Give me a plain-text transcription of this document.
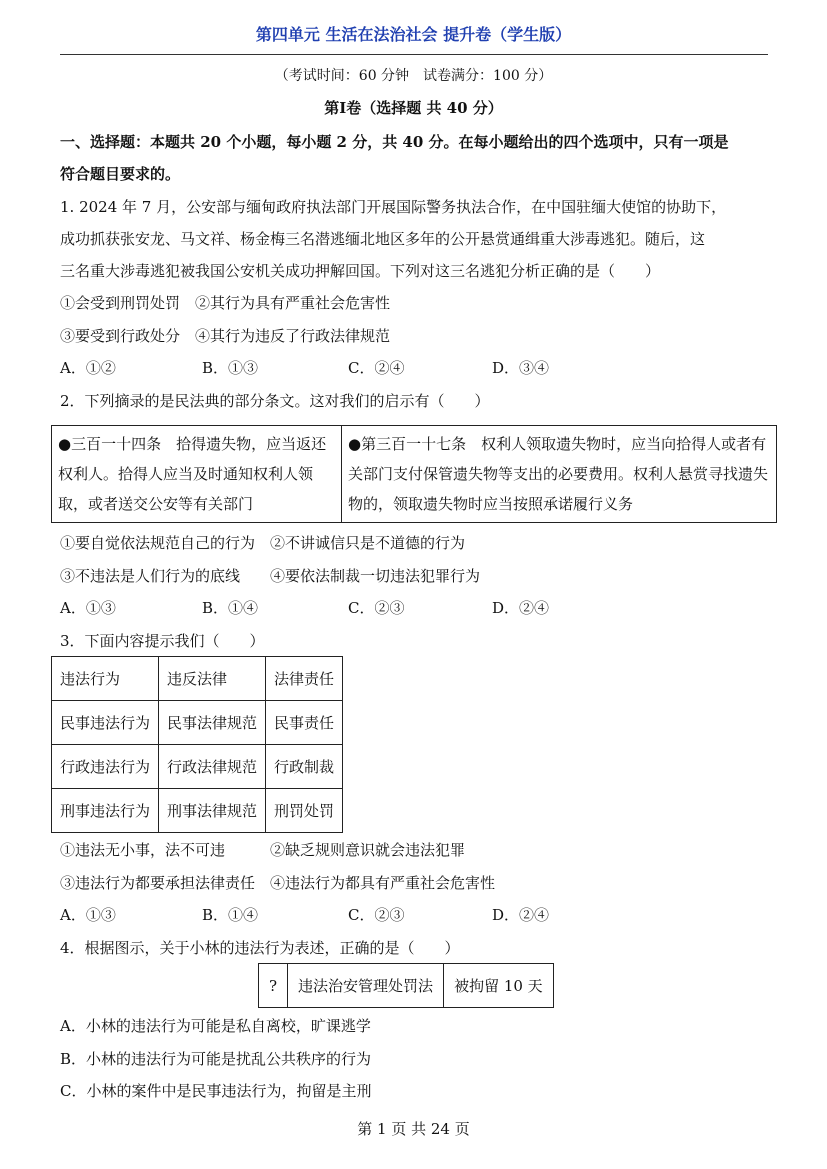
第四单元 生活在法治社会 提升卷（学生版）
（考试时间：60 分钟　试卷满分：100 分）
第Ⅰ卷（选择题 共 40 分）
一、选择题：本题共 20 个小题，每小题 2 分，共 40 分。在每小题给出的四个选项中，只有一项是
符合题目要求的。
1. 2024 年 7 月，公安部与缅甸政府执法部门开展国际警务执法合作，在中国驻缅大使馆的协助下，
成功抓获张安龙、马文祥、杨金梅三名潜逃缅北地区多年的公开悬赏通缉重大涉毒逃犯。随后，这
三名重大涉毒逃犯被我国公安机关成功押解回国。下列对这三名逃犯分析正确的是（　　）
①会受到刑罚处罚　②其行为具有严重社会危害性
③要受到行政处分　④其行为违反了行政法律规范
A．①②	B．①③	C．②④	D．③④
2．下列摘录的是民法典的部分条文。这对我们的启示有（　　）
●三百一十四条　拾得遗失物，应当返还权利人。拾得人应当及时通知权利人领取，或者送交公安等有关部门	●第三百一十七条　权利人领取遗失物时，应当向拾得人或者有关部门支付保管遗失物等支出的必要费用。权利人悬赏寻找遗失物的，领取遗失物时应当按照承诺履行义务
①要自觉依法规范自己的行为　②不讲诚信只是不道德的行为
③不违法是人们行为的底线　　④要依法制裁一切违法犯罪行为
A．①③	B．①④	C．②③	D．②④
3．下面内容提示我们（　　）
违法行为	违反法律	法律责任
民事违法行为	民事法律规范	民事责任
行政违法行为	行政法律规范	行政制裁
刑事违法行为	刑事法律规范	刑罚处罚
①违法无小事，法不可违　　　②缺乏规则意识就会违法犯罪
③违法行为都要承担法律责任　④违法行为都具有严重社会危害性
A．①③	B．①④	C．②③	D．②④
4．根据图示，关于小林的违法行为表述，正确的是（　　）
?	违法治安管理处罚法	被拘留 10 天
A．小林的违法行为可能是私自离校，旷课逃学
B．小林的违法行为可能是扰乱公共秩序的行为
C．小林的案件中是民事违法行为，拘留是主刑
第 1 页 共 24 页
